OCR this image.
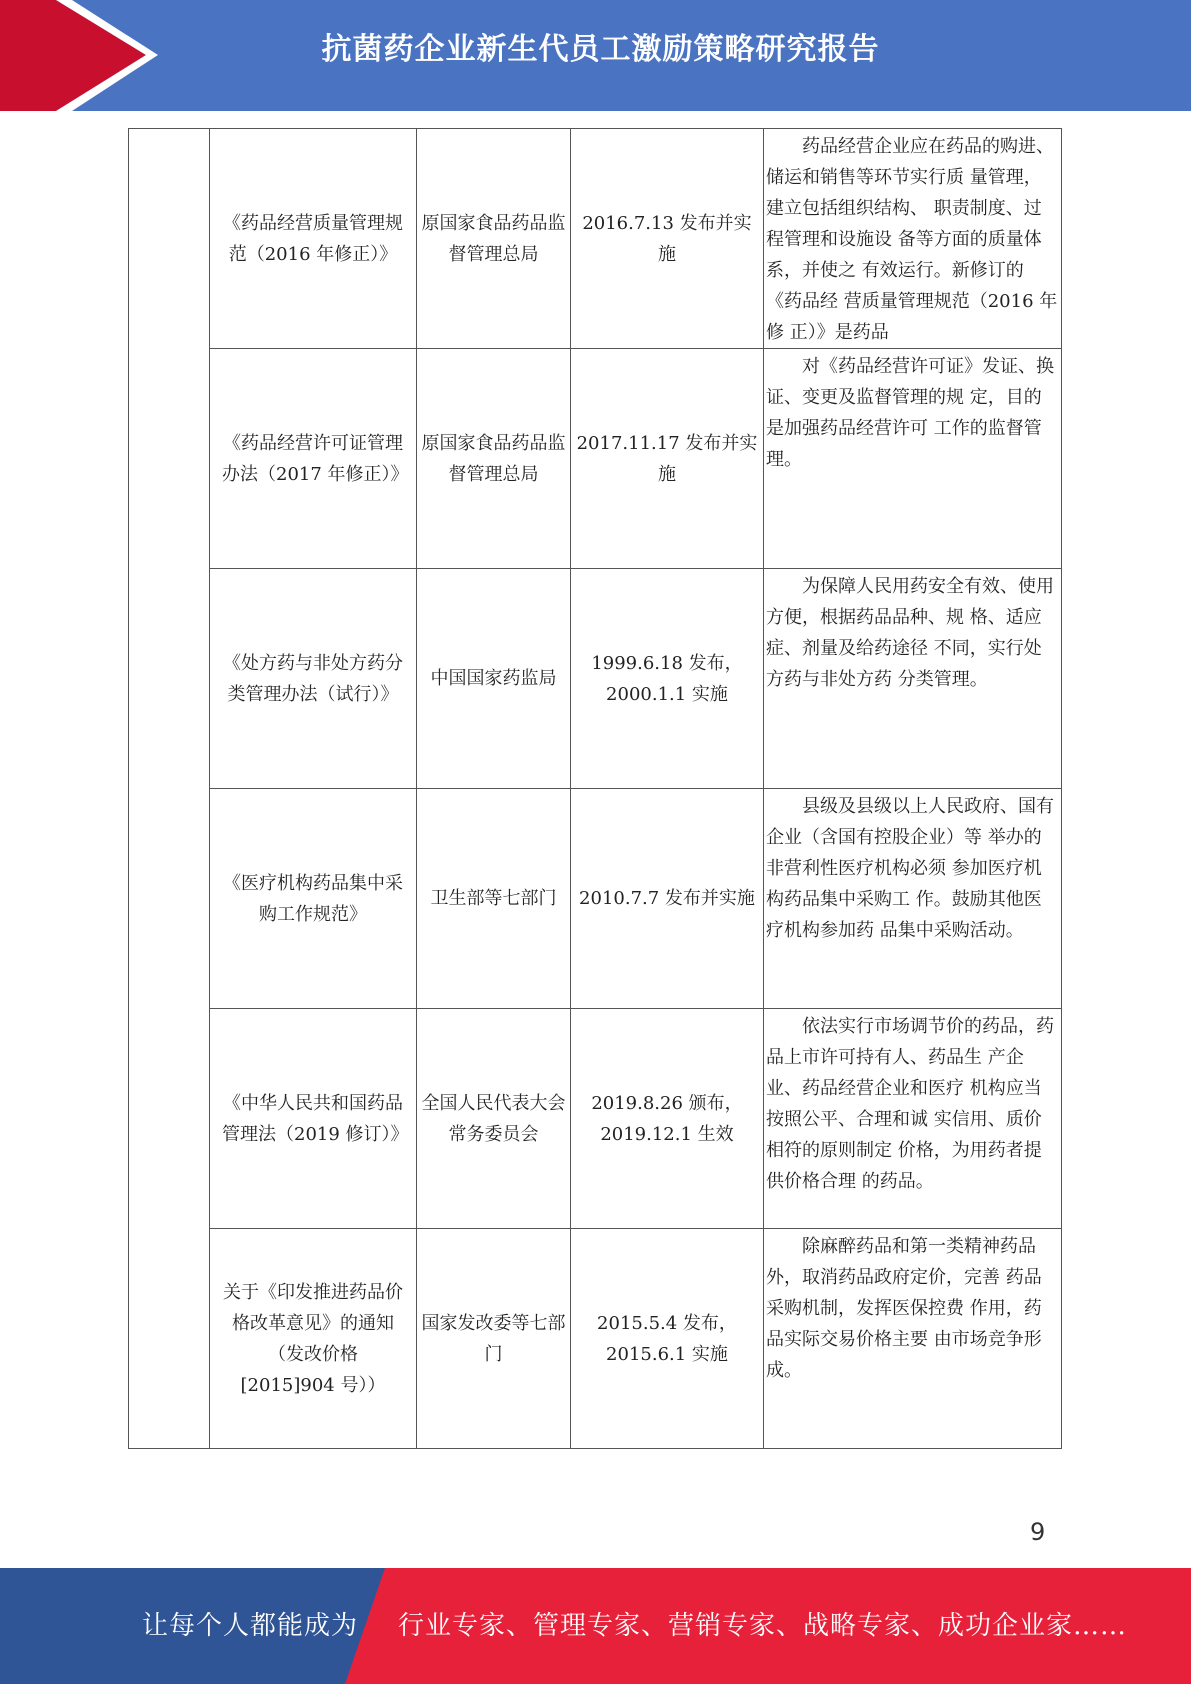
抗菌药企业新生代员工激励策略研究报告
	《药品经营质量管理规范（2016 年修正）》	原国家食品药品监督管理总局	2016.7.13 发布并实施	药品经营企业应在药品的购进、储运和销售等环节实行质 量管理，建立包括组织结构、 职责制度、过程管理和设施设 备等方面的质量体系，并使之 有效运行。新修订的《药品经 营质量管理规范（2016 年修 正）》是药品

	《药品经营许可证管理办法（2017 年修正）》	原国家食品药品监督管理总局	2017.11.17 发布并实施	对《药品经营许可证》发证、换证、变更及监督管理的规 定，目的是加强药品经营许可 工作的监督管理。

	《处方药与非处方药分类管理办法（试行）》	中国国家药监局	1999.6.18 发布，2000.1.1 实施	为保障人民用药安全有效、使用方便，根据药品品种、规 格、适应症、剂量及给药途径 不同，实行处方药与非处方药 分类管理。

	《医疗机构药品集中采购工作规范》	卫生部等七部门	2010.7.7 发布并实施	县级及县级以上人民政府、国有企业（含国有控股企业）等 举办的非营利性医疗机构必须 参加医疗机构药品集中采购工 作。鼓励其他医疗机构参加药 品集中采购活动。

	《中华人民共和国药品管理法（2019 修订）》	全国人民代表大会常务委员会	2019.8.26 颁布，2019.12.1 生效	依法实行市场调节价的药品，药品上市许可持有人、药品生 产企业、药品经营企业和医疗 机构应当按照公平、合理和诚 实信用、质价相符的原则制定 价格，为用药者提供价格合理 的药品。

	关于《印发推进药品价格改革意见》的通知（发改价格[2015]904 号））	国家发改委等七部门	2015.5.4 发布，2015.6.1 实施	除麻醉药品和第一类精神药品外，取消药品政府定价，完善 药品采购机制，发挥医保控费 作用，药品实际交易价格主要 由市场竞争形成。
9
让每个人都能成为 行业专家、管理专家、营销专家、战略专家、成功企业家……
